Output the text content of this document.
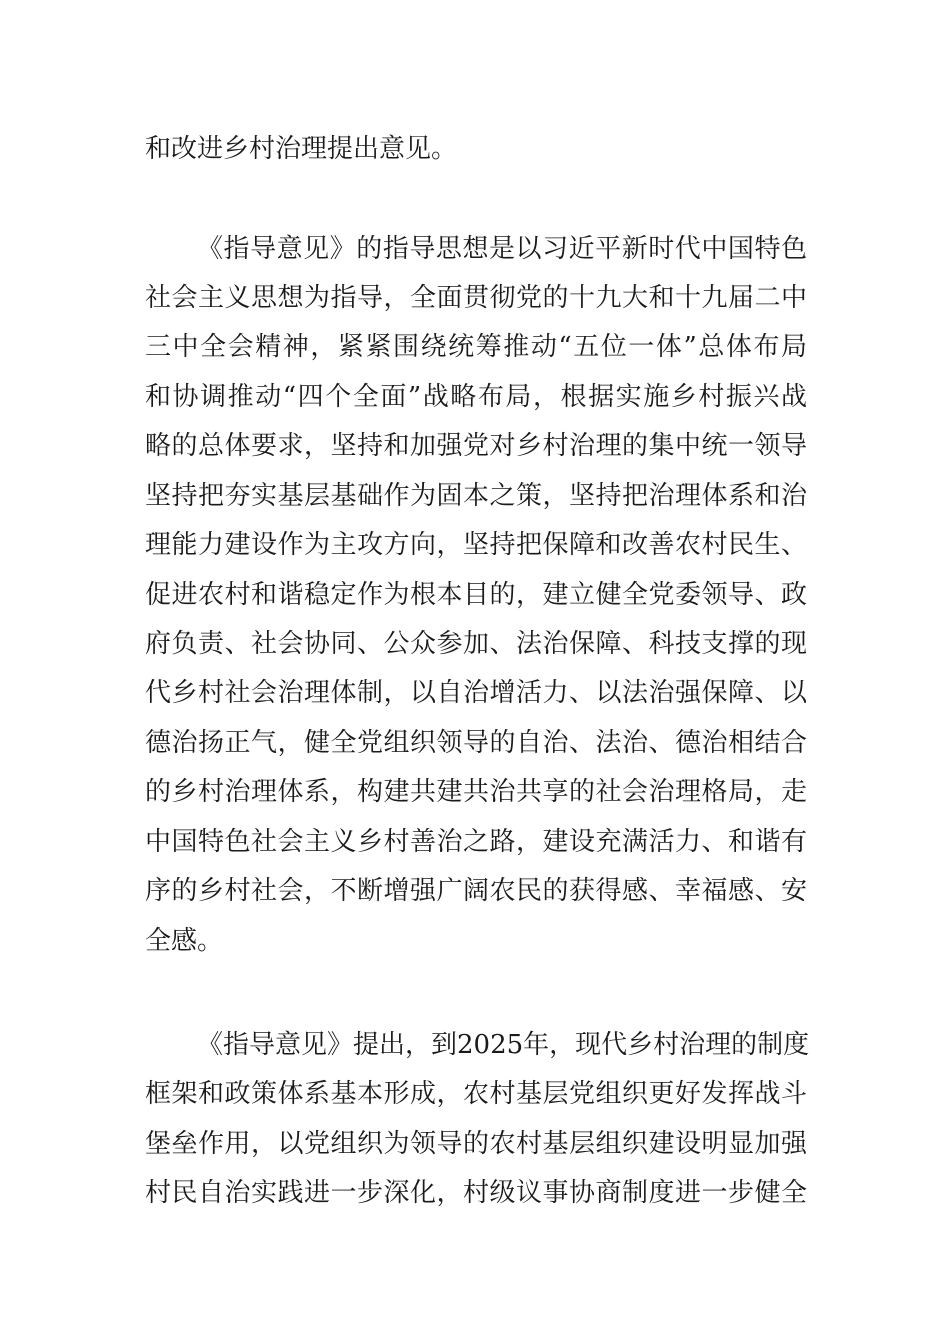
和改进乡村治理提出意见。
《指导意见》的指导思想是以习近平新时代中国特色
社会主义思想为指导，全面贯彻党的十九大和十九届二中
三中全会精神，紧紧围绕统筹推动“五位一体”总体布局
和协调推动“四个全面”战略布局，根据实施乡村振兴战
略的总体要求，坚持和加强党对乡村治理的集中统一领导
坚持把夯实基层基础作为固本之策，坚持把治理体系和治
理能力建设作为主攻方向，坚持把保障和改善农村民生、
促进农村和谐稳定作为根本目的，建立健全党委领导、政
府负责、社会协同、公众参加、法治保障、科技支撑的现
代乡村社会治理体制，以自治增活力、以法治强保障、以
德治扬正气，健全党组织领导的自治、法治、德治相结合
的乡村治理体系，构建共建共治共享的社会治理格局，走
中国特色社会主义乡村善治之路，建设充满活力、和谐有
序的乡村社会，不断增强广阔农民的获得感、幸福感、安
全感。
《指导意见》提出，到2025年，现代乡村治理的制度
框架和政策体系基本形成，农村基层党组织更好发挥战斗
堡垒作用，以党组织为领导的农村基层组织建设明显加强
村民自治实践进一步深化，村级议事协商制度进一步健全
